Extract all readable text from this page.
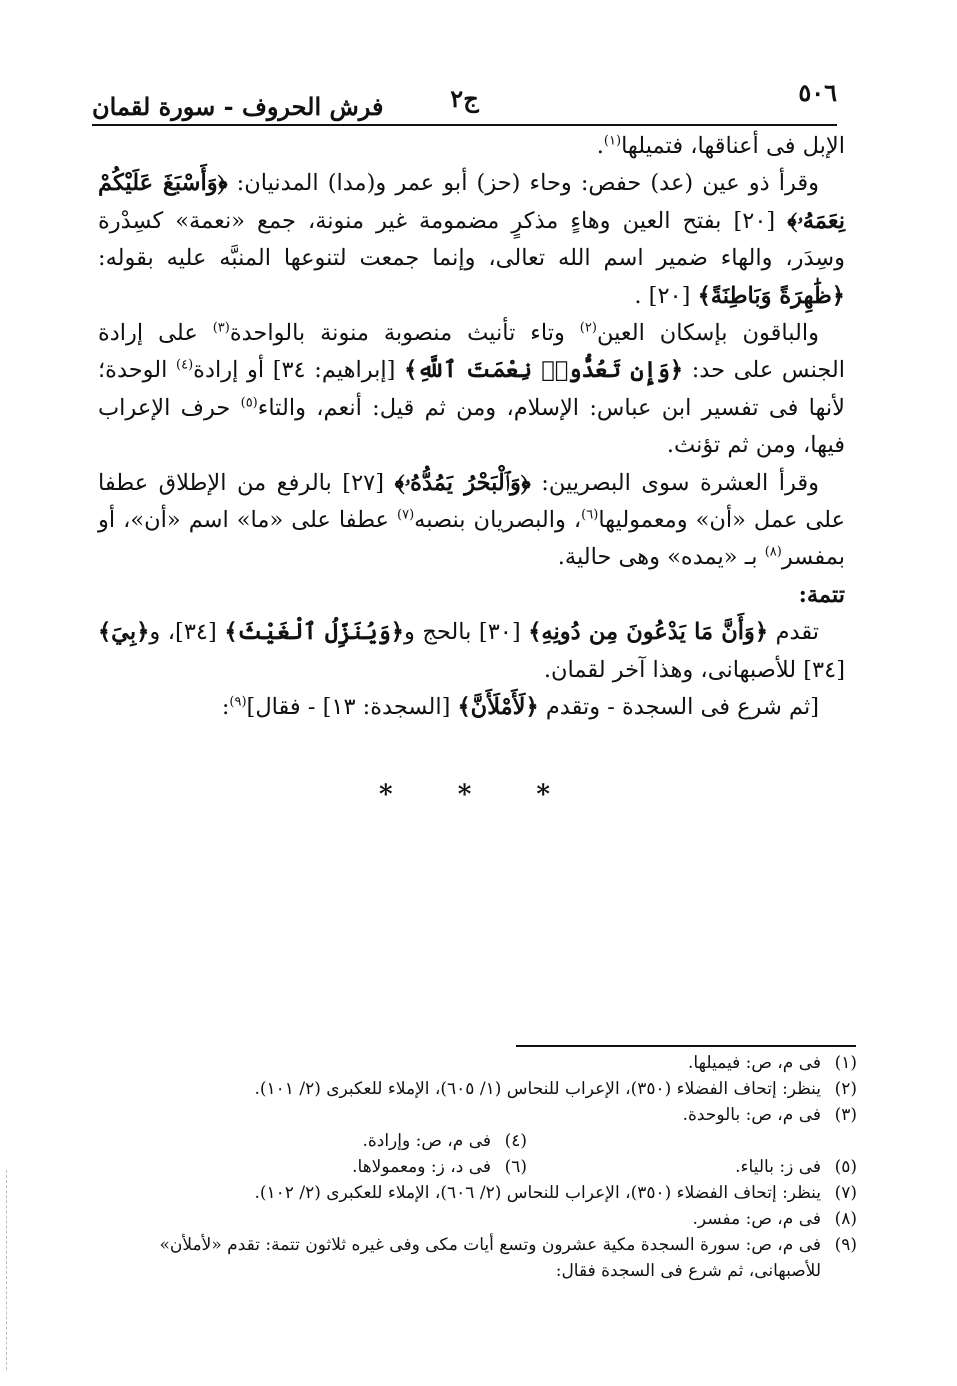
٥٠٦
ج٢
فرش الحروف - سورة لقمان

الإبل فى أعناقها، فتميلها$^{(١)}$.

وقرأ ذو عين (عد) حفص: وحاء (حز) أبو عمر و(مدا) المدنيان: ﴿وَأَسْبَغَ عَلَيْكُمْ نِعَمَهُۥ﴾ [٢٠] بفتح العين وهاءٍ مذكرٍ مضمومة غير منونة، جمع «نعمة» كسِدْرة وسِدَر، والهاء ضمير اسم الله تعالى، وإنما جمعت لتنوعها المنبَّه عليه بقوله: ﴿ظَٰهِرَةً وَبَاطِنَةً﴾ [٢٠] .

والباقون بإسكان العين$^{(٢)}$ وتاء تأنيث منصوبة منونة بالواحدة$^{(٣)}$ على إرادة الجنس على حد: ﴿وَإِن تَعُدُّوا۟ نِعْمَتَ ٱللَّهِ﴾ [إبراهيم: ٣٤] أو إرادة$^{(٤)}$ الوحدة؛ لأنها فى تفسير ابن عباس: الإسلام، ومن ثم قيل: أنعم، والتاء$^{(٥)}$ حرف الإعراب فيها، ومن ثم تؤنث.

وقرأ العشرة سوى البصريين: ﴿وَٱلْبَحْرُ يَمُدُّهُۥ﴾ [٢٧] بالرفع من الإطلاق عطفا على عمل «أن» ومعموليها$^{(٦)}$، والبصريان بنصبه$^{(٧)}$ عطفا على «ما» اسم «أن»، أو بمفسر$^{(٨)}$ بـ «يمده» وهى حالية.

تتمة:

تقدم ﴿وَأَنَّ مَا يَدْعُونَ مِن دُونِهِ﴾ [٣٠] بالحج و﴿وَيُنَزِّلُ ٱلْغَيْثَ﴾ [٣٤]، و﴿بِيَ﴾ [٣٤] للأصبهانى، وهذا آخر لقمان.

[ثم شرع فى السجدة - وتقدم ﴿لَأَمْلَأَنَّ﴾ [السجدة: ١٣] - فقال]$^{(٩)}$:

* * *
(١)
فى م، ص: فيميلها.
(٢)
ينظر: إتحاف الفضلاء (٣٥٠)، الإعراب للنحاس (١/ ٦٠٥)، الإملاء للعكبرى (٢/ ١٠١).
(٣)
فى م، ص: بالوحدة.
(٤)
فى م، ص: وإرادة.
(٥)
فى ز: بالياء.
(٦)
فى د، ز: ومعمولاها.
(٧)
ينظر: إتحاف الفضلاء (٣٥٠)، الإعراب للنحاس (٢/ ٦٠٦)، الإملاء للعكبرى (٢/ ١٠٢).
(٨)
فى م، ص: مفسر.
(٩)
فى م، ص: سورة السجدة مكية عشرون وتسع أيات مكى وفى غيره ثلاثون تتمة: تقدم «لأملأن» للأصبهانى، ثم شرع فى السجدة فقال:
